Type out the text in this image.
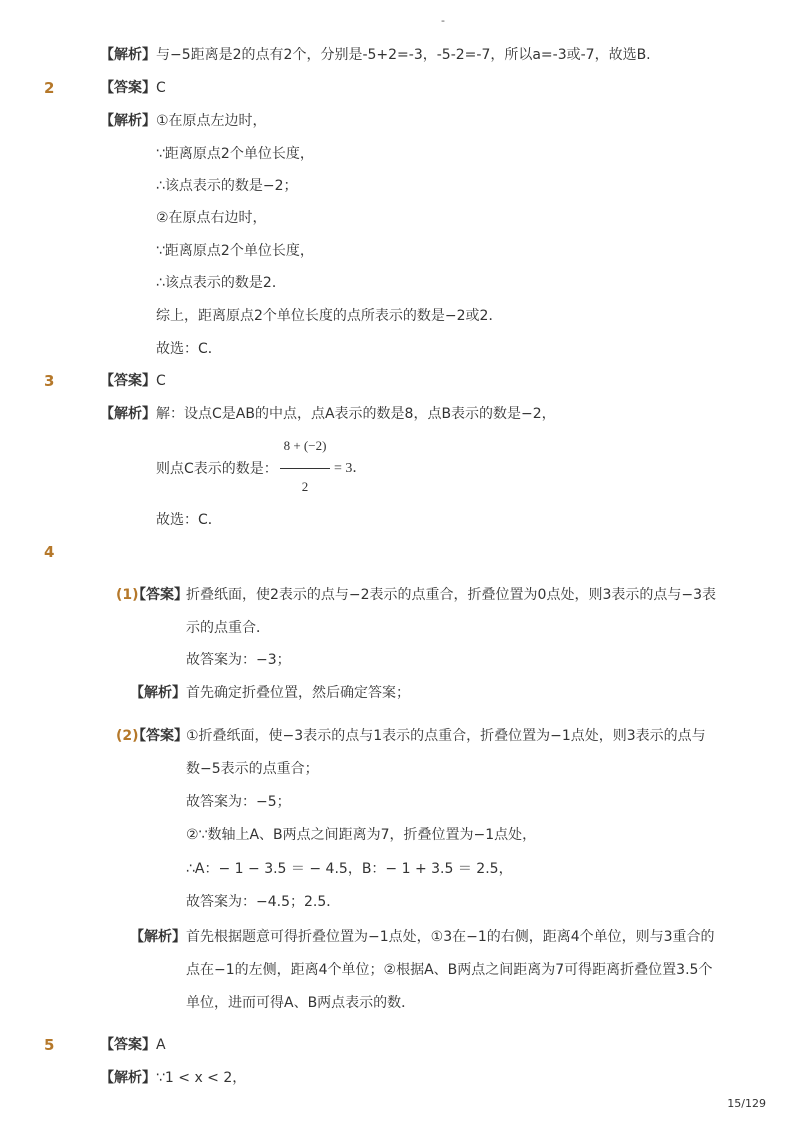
-
【解析】 与−5距离是2的点有2个，分别是-5+2=-3，-5-2=-7，所以a=-3或-7，故选B.
2	【答案】 C
【解析】 ①在原点左边时，
∵距离原点2个单位长度，
∴该点表示的数是−2；
②在原点右边时，
∵距离原点2个单位长度，
∴该点表示的数是2．
综上，距离原点2个单位长度的点所表示的数是−2或2．
故选：C．
3	【答案】 C
【解析】 解：设点C是AB的中点，点A表示的数是8，点B表示的数是−2，
则点C表示的数是：
8 + (−2)
2
= 3．
故选：C．
4
(1)
【答案】
折叠纸面，使2表示的点与−2表示的点重合，折叠位置为0点处，则3表示的点与−3表
示的点重合．
故答案为：−3；
【解析】 首先确定折叠位置，然后确定答案；
(2)
【答案】
①折叠纸面，使−3表示的点与1表示的点重合，折叠位置为−1点处，则3表示的点与
数−5表示的点重合；
故答案为：−5；
②∵数轴上A、B两点之间距离为7，折叠位置为−1点处，
∴A：− 1 − 3.5 ＝ − 4.5，B：− 1 + 3.5 ＝ 2.5，
故答案为：−4.5；2.5．
【解析】 首先根据题意可得折叠位置为−1点处，①3在−1的右侧，距离4个单位，则与3重合的
点在−1的左侧，距离4个单位；②根据A、B两点之间距离为7可得距离折叠位置3.5个
单位，进而可得A、B两点表示的数．
5	【答案】 A
【解析】 ∵1 < x < 2，
15/129
